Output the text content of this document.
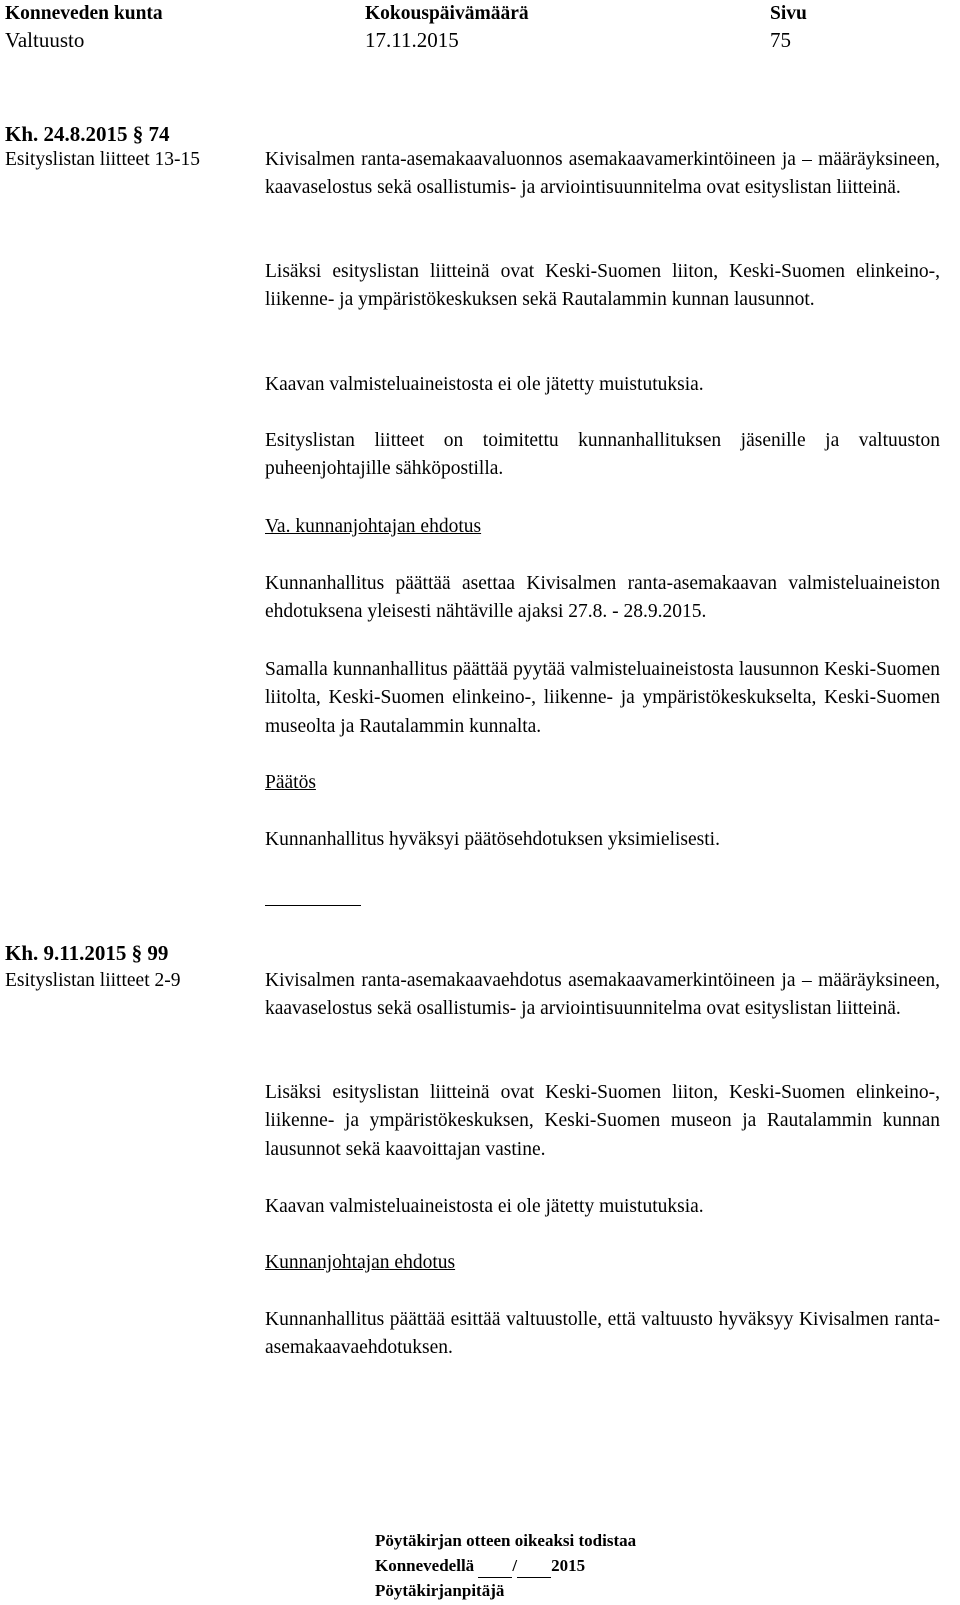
Konneveden kunta
Valtuusto
Kokouspäivämäärä
17.11.2015
Sivu
75
Kh. 24.8.2015 § 74
Esityslistan liitteet 13-15	Kivisalmen ranta-asemakaavaluonnos asemakaavamerkintöineen ja – määräyksineen, kaavaselostus sekä osallistumis- ja arviointisuunnitelma ovat esityslistan liitteinä.
Lisäksi esityslistan liitteinä ovat Keski-Suomen liiton, Keski-Suomen elinkeino-, liikenne- ja ympäristökeskuksen sekä Rautalammin kunnan lausunnot.
Kaavan valmisteluaineistosta ei ole jätetty muistutuksia.
Esityslistan liitteet on toimitettu kunnanhallituksen jäsenille ja valtuuston puheenjohtajille sähköpostilla.
Va. kunnanjohtajan ehdotus
Kunnanhallitus päättää asettaa Kivisalmen ranta-asemakaavan valmisteluaineiston ehdotuksena yleisesti nähtäville ajaksi 27.8. - 28.9.2015.
Samalla kunnanhallitus päättää pyytää valmisteluaineistosta lausunnon Keski-Suomen liitolta, Keski-Suomen elinkeino-, liikenne- ja ympäristökeskukselta, Keski-Suomen museolta ja Rautalammin kunnalta.
Päätös
Kunnanhallitus hyväksyi päätösehdotuksen yksimielisesti.
Kh. 9.11.2015 § 99
Esityslistan liitteet 2-9	Kivisalmen ranta-asemakaavaehdotus asemakaavamerkintöineen ja – määräyksineen, kaavaselostus sekä osallistumis- ja arviointisuunnitelma ovat esityslistan liitteinä.
Lisäksi esityslistan liitteinä ovat Keski-Suomen liiton, Keski-Suomen elinkeino-, liikenne- ja ympäristökeskuksen, Keski-Suomen museon ja Rautalammin kunnan lausunnot sekä kaavoittajan vastine.
Kaavan valmisteluaineistosta ei ole jätetty muistutuksia.
Kunnanjohtajan ehdotus
Kunnanhallitus päättää esittää valtuustolle, että valtuusto hyväksyy Kivisalmen ranta-asemakaavaehdotuksen.
Pöytäkirjan otteen oikeaksi todistaa
Konnevedellä / 2015
Pöytäkirjanpitäjä
